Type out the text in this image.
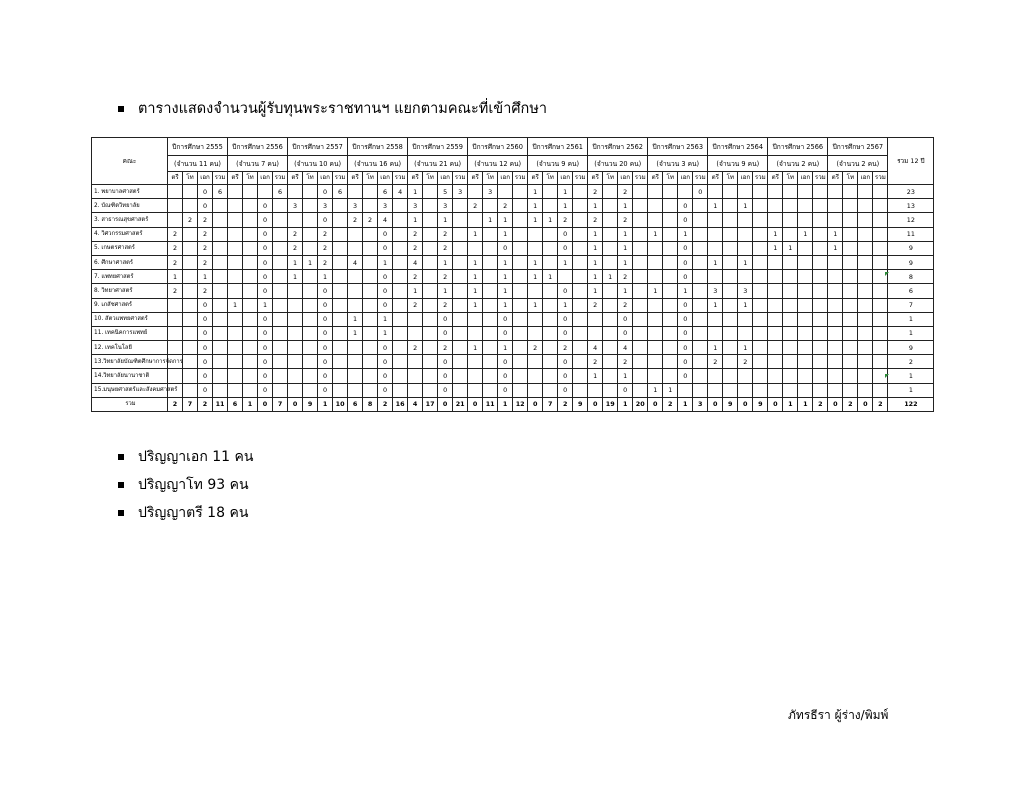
ตารางแสดงจำนวนผู้รับทุนพระราชทานฯ แยกตามคณะที่เข้าศึกษา
คณะ	ปีการศึกษา 2555				ปีการศึกษา 2556				ปีการศึกษา 2557				ปีการศึกษา 2558				ปีการศึกษา 2559				ปีการศึกษา 2560				ปีการศึกษา 2561				ปีการศึกษา 2562				ปีการศึกษา 2563				ปีการศึกษา 2564				ปีการศึกษา 2566				ปีการศึกษา 2567				รวม 12 ปี
	(จำนวน 11 คน)				(จำนวน 7 คน)				(จำนวน 10 คน)				(จำนวน 16 คน)				(จำนวน 21 คน)				(จำนวน 12 คน)				(จำนวน 9 คน)				(จำนวน 20 คน)				(จำนวน 3 คน)				(จำนวน 9 คน)				(จำนวน 2 คน)				(จำนวน 2 คน)				
	ตรี	โท	เอก	รวม	ตรี	โท	เอก	รวม	ตรี	โท	เอก	รวม	ตรี	โท	เอก	รวม	ตรี	โท	เอก	รวม	ตรี	โท	เอก	รวม	ตรี	โท	เอก	รวม	ตรี	โท	เอก	รวม	ตรี	โท	เอก	รวม	ตรี	โท	เอก	รวม	ตรี	โท	เอก	รวม	ตรี	โท	เอก	รวม	
1. พยาบาลศาสตร์			0	6				6			0	6			6	4	1		5	3		3			1		1		2		2					0													23
2. บัณฑิตวิทยาลัย			0				0		3		3		3		3		3		3		2		2		1		1		1		1				0		1		1										13
3. สาธารณสุขศาสตร์		2	2				0				0		2	2	4		1		1			1	1		1	1	2		2		2				0														12
4. วิศวกรรมศาสตร์	2		2				0		2		2				0		2		2		1		1				0		1		1		1		1						1		1		1				11
5. เกษตรศาสตร์	2		2				0		2		2				0		2		2				0				0		1		1				0						1	1			1				9
6. ศึกษาศาสตร์	2		2				0		1	1	2		4		1		4		1		1		1		1		1		1		1				0		1		1										9
7. แพทยศาสตร์	1		1				0		1		1				0		2		2		1		1		1	1			1	1	2				0														8
8. วิทยาศาสตร์	2		2				0				0				0		1		1		1		1				0		1		1		1		1		3		3										6
9. เภสัชศาสตร์			0		1		1				0				0		2		2		1		1		1		1		2		2				0		1		1										7
10. สัตวแพทยศาสตร์			0				0				0		1		1				0				0				0				0				0														1
11. เทคนิคการแพทย์			0				0				0		1		1				0				0				0				0				0														1
12. เทคโนโลยี			0				0				0				0		2		2		1		1		2		2		4		4				0		1		1										9
13.วิทยาลัยบัณฑิตศึกษาการจัดการ			0				0				0				0				0				0				0		2		2				0		2		2										2
14.วิทยาลัยนานาชาติ			0				0				0				0				0				0				0		1		1				0														1
15.มนุษยศาสตร์และสังคมศาสตร์			0				0				0				0				0				0				0				0		1	1															1
รวม	2	7	2	11	6	1	0	7	0	9	1	10	6	8	2	16	4	17	0	21	0	11	1	12	0	7	2	9	0	19	1	20	0	2	1	3	0	9	0	9	0	1	1	2	0	2	0	2	122
ปริญญาเอก 11 คน
ปริญญาโท 93 คน
ปริญญาตรี 18 คน
ภัทรธีรา ผู้ร่าง/พิมพ์
